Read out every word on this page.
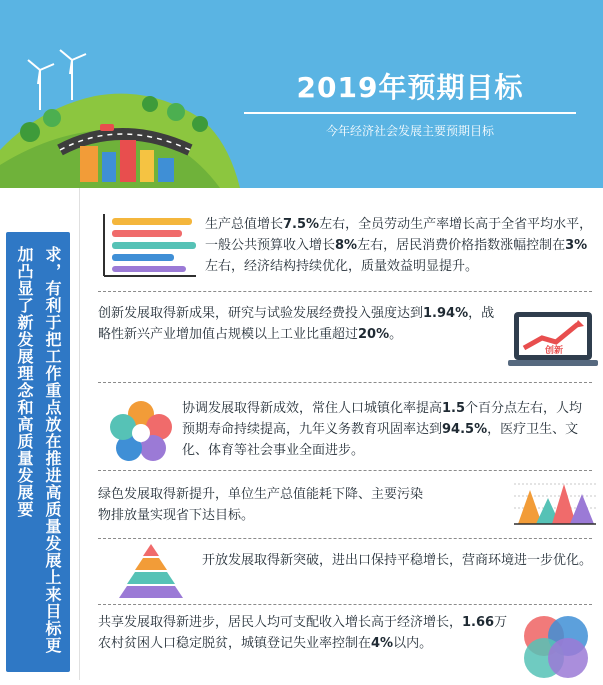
2019年预期目标
今年经济社会发展主要预期目标
求，有利于把工作重点放在推进高质量发展上来目标更加凸显了新发展理念和高质量发展要
生产总值增长7.5%左右，全员劳动生产率增长高于全省平均水平，一般公共预算收入增长8%左右，居民消费价格指数涨幅控制在3%左右，经济结构持续优化，质量效益明显提升。
创新发展取得新成果，研究与试验发展经费投入强度达到1.94%，战略性新兴产业增加值占规模以上工业比重超过20%。
创新
协调发展取得新成效，常住人口城镇化率提高1.5个百分点左右，人均预期寿命持续提高，九年义务教育巩固率达到94.5%，医疗卫生、文化、体育等社会事业全面进步。
绿色发展取得新提升，单位生产总值能耗下降、主要污染物排放量实现省下达目标。
开放发展取得新突破，进出口保持平稳增长，营商环境进一步优化。
共享发展取得新进步，居民人均可支配收入增长高于经济增长，1.66万农村贫困人口稳定脱贫，城镇登记失业率控制在4%以内。
